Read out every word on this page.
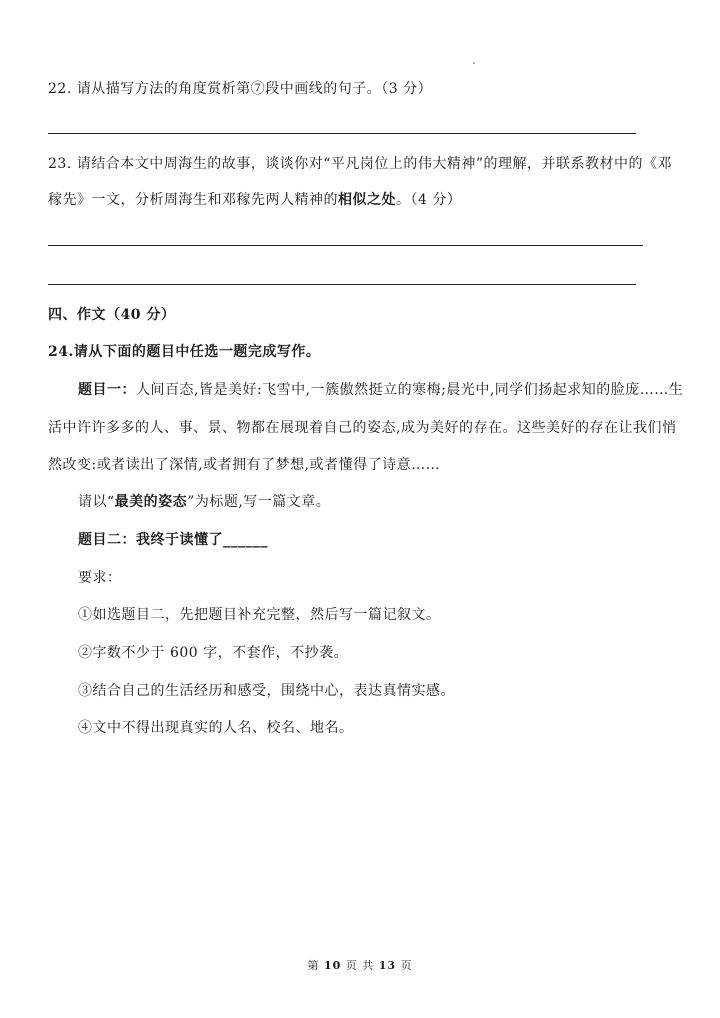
22. 请从描写方法的角度赏析第⑦段中画线的句子。（3 分）
23. 请结合本文中周海生的故事，谈谈你对“平凡岗位上的伟大精神”的理解，并联系教材中的《邓
稼先》一文，分析周海生和邓稼先两人精神的相似之处。（4 分）
四、作文（40 分）
24.请从下面的题目中任选一题完成写作。
题目一：人间百态,皆是美好:飞雪中,一簇傲然挺立的寒梅;晨光中,同学们扬起求知的脸庞……生
活中许许多多的人、事、景、物都在展现着自己的姿态,成为美好的存在。这些美好的存在让我们悄
然改变:或者读出了深情,或者拥有了梦想,或者懂得了诗意……
请以“最美的姿态”为标题,写一篇文章。
题目二：我终于读懂了______
要求：
①如选题目二，先把题目补充完整，然后写一篇记叙文。
②字数不少于 600 字，不套作，不抄袭。
③结合自己的生活经历和感受，围绕中心，表达真情实感。
④文中不得出现真实的人名、校名、地名。
第 10 页 共 13 页
